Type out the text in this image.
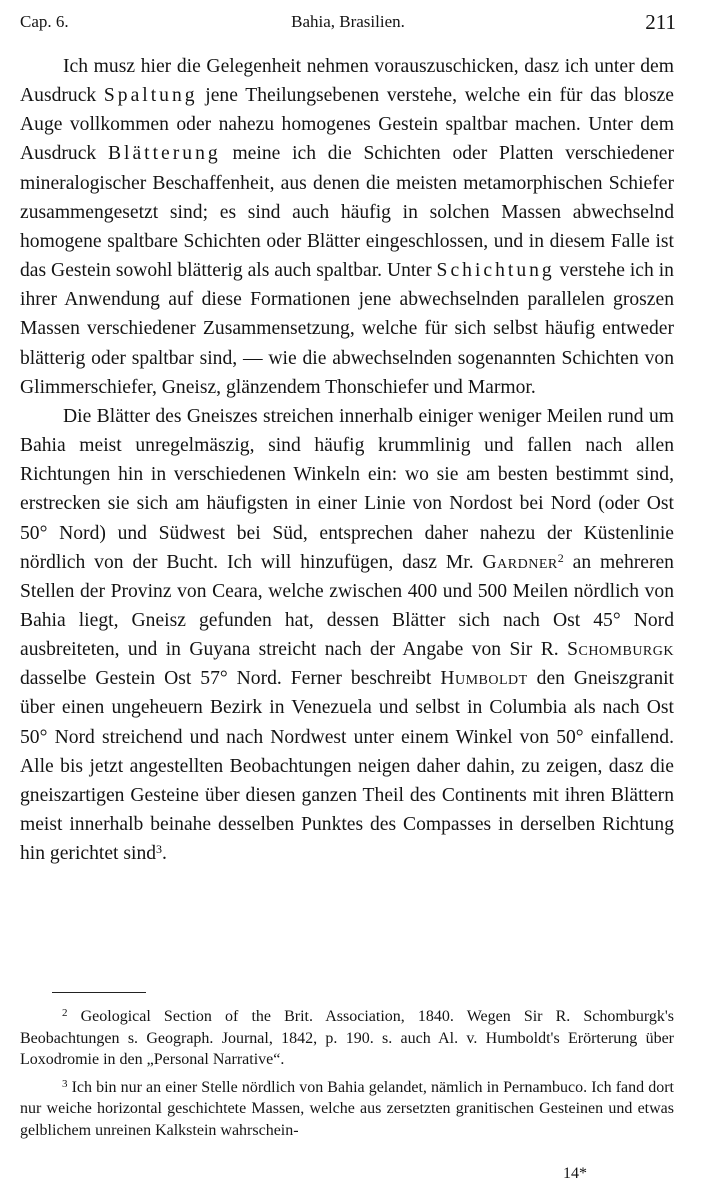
Cap. 6.	Bahia, Brasilien.	211

Ich musz hier die Gelegenheit nehmen vorauszuschicken, dasz ich unter dem Ausdruck Spaltung jene Theilungsebenen verstehe, welche ein für das blosze Auge vollkommen oder nahezu homogenes Gestein spaltbar machen. Unter dem Ausdruck Blätterung meine ich die Schichten oder Platten verschiedener mineralogischer Beschaffenheit, aus denen die meisten metamorphischen Schiefer zusammengesetzt sind; es sind auch häufig in solchen Massen abwechselnd homogene spaltbare Schichten oder Blätter eingeschlossen, und in diesem Falle ist das Gestein sowohl blätterig als auch spaltbar. Unter Schichtung verstehe ich in ihrer Anwendung auf diese Formationen jene abwechselnden parallelen groszen Massen verschiedener Zusammensetzung, welche für sich selbst häufig entweder blätterig oder spaltbar sind, — wie die abwechselnden sogenannten Schichten von Glimmerschiefer, Gneisz, glänzendem Thonschiefer und Marmor.

Die Blätter des Gneiszes streichen innerhalb einiger weniger Meilen rund um Bahia meist unregelmäszig, sind häufig krummlinig und fallen nach allen Richtungen hin in verschiedenen Winkeln ein: wo sie am besten bestimmt sind, erstrecken sie sich am häufigsten in einer Linie von Nordost bei Nord (oder Ost 50° Nord) und Südwest bei Süd, entsprechen daher nahezu der Küstenlinie nördlich von der Bucht. Ich will hinzufügen, dasz Mr. Gardner$^2$ an mehreren Stellen der Provinz von Ceara, welche zwischen 400 und 500 Meilen nördlich von Bahia liegt, Gneisz gefunden hat, dessen Blätter sich nach Ost 45° Nord ausbreiteten, und in Guyana streicht nach der Angabe von Sir R. Schomburgk dasselbe Gestein Ost 57° Nord. Ferner beschreibt Humboldt den Gneiszgranit über einen ungeheuern Bezirk in Venezuela und selbst in Columbia als nach Ost 50° Nord streichend und nach Nordwest unter einem Winkel von 50° einfallend. Alle bis jetzt angestellten Beobachtungen neigen daher dahin, zu zeigen, dasz die gneiszartigen Gesteine über diesen ganzen Theil des Continents mit ihren Blättern meist innerhalb beinahe desselben Punktes des Compasses in derselben Richtung hin gerichtet sind$^3$.

$^2$ Geological Section of the Brit. Association, 1840. Wegen Sir R. Schomburgk's Beobachtungen s. Geograph. Journal, 1842, p. 190. s. auch Al. v. Humboldt's Erörterung über Loxodromie in den „Personal Narrative“.

$^3$ Ich bin nur an einer Stelle nördlich von Bahia gelandet, nämlich in Pernambuco. Ich fand dort nur weiche horizontal geschichtete Massen, welche aus zersetzten granitischen Gesteinen und etwas gelblichem unreinen Kalkstein wahrschein-

14*
